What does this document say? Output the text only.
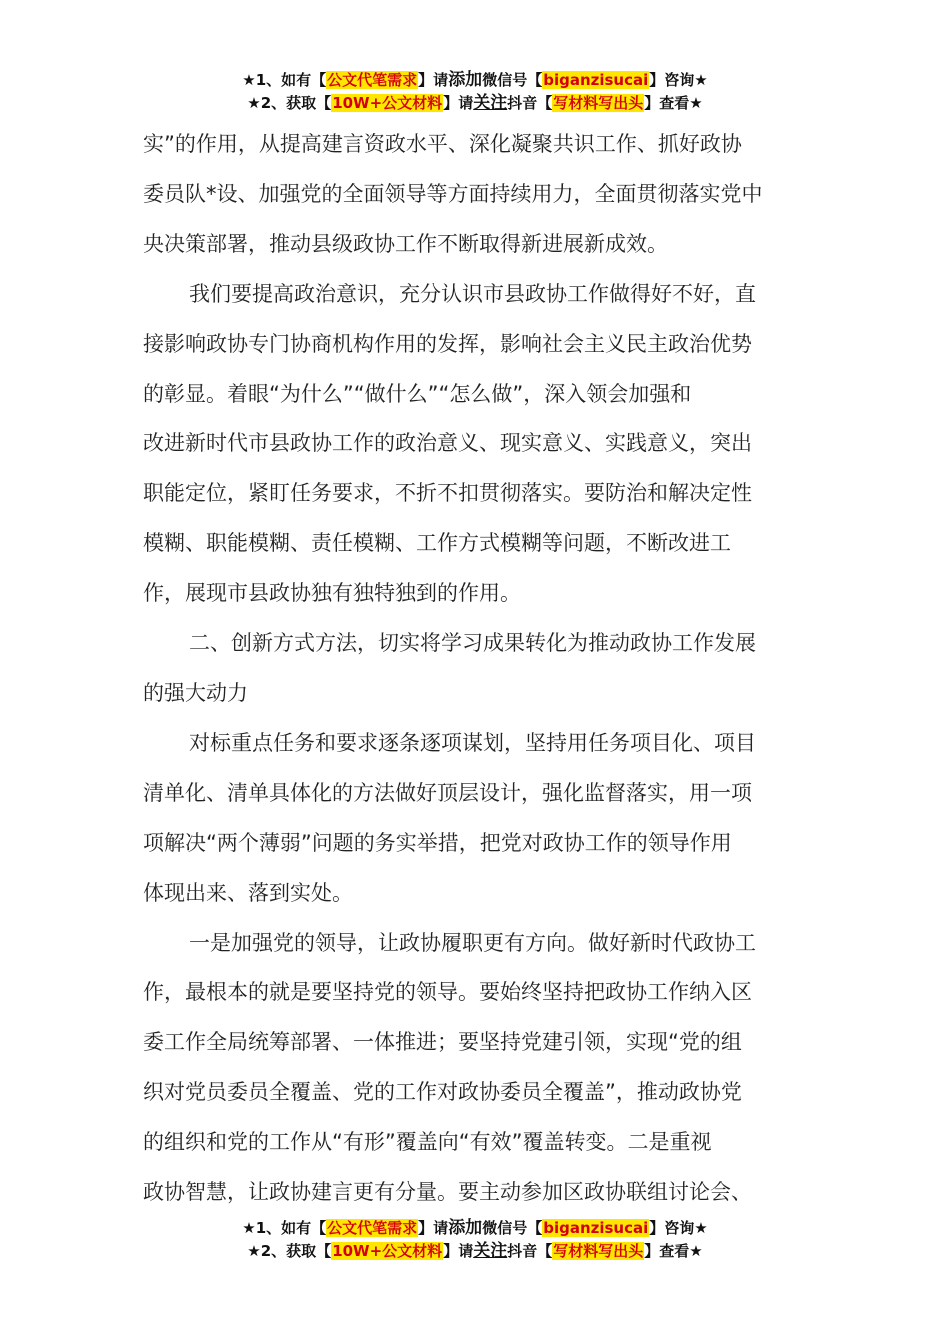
★1、如有【公文代笔需求】请添加微信号【biganzisucai】咨询★
★2、获取【10W+公文材料】请关注抖音【写材料写出头】查看★
实”的作用，从提高建言资政水平、深化凝聚共识工作、抓好政协
委员队*设、加强党的全面领导等方面持续用力，全面贯彻落实党中
央决策部署，推动县级政协工作不断取得新进展新成效。
我们要提高政治意识，充分认识市县政协工作做得好不好，直
接影响政协专门协商机构作用的发挥，影响社会主义民主政治优势
的彰显。着眼“为什么”“做什么”“怎么做”，深入领会加强和
改进新时代市县政协工作的政治意义、现实意义、实践意义，突出
职能定位，紧盯任务要求，不折不扣贯彻落实。要防治和解决定性
模糊、职能模糊、责任模糊、工作方式模糊等问题，不断改进工
作，展现市县政协独有独特独到的作用。
二、创新方式方法，切实将学习成果转化为推动政协工作发展
的强大动力
对标重点任务和要求逐条逐项谋划，坚持用任务项目化、项目
清单化、清单具体化的方法做好顶层设计，强化监督落实，用一项
项解决“两个薄弱”问题的务实举措，把党对政协工作的领导作用
体现出来、落到实处。
一是加强党的领导，让政协履职更有方向。做好新时代政协工
作，最根本的就是要坚持党的领导。要始终坚持把政协工作纳入区
委工作全局统筹部署、一体推进；要坚持党建引领，实现“党的组
织对党员委员全覆盖、党的工作对政协委员全覆盖”，推动政协党
的组织和党的工作从“有形”覆盖向“有效”覆盖转变。二是重视
政协智慧，让政协建言更有分量。要主动参加区政协联组讨论会、
★1、如有【公文代笔需求】请添加微信号【biganzisucai】咨询★
★2、获取【10W+公文材料】请关注抖音【写材料写出头】查看★
